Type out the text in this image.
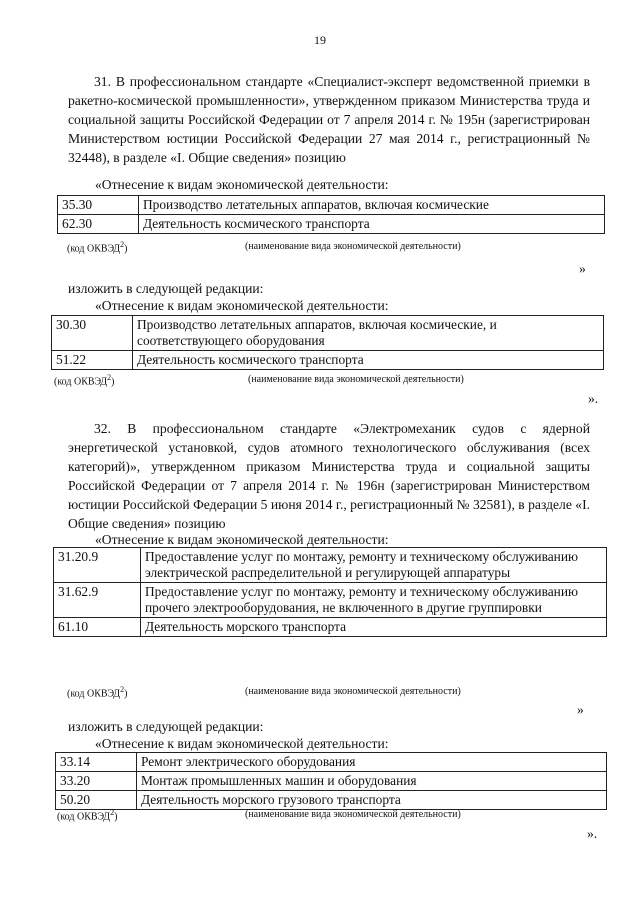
19

31. В профессиональном стандарте «Специалист-эксперт ведомственной приемки в ракетно-космической промышленности», утвержденном приказом Министерства труда и социальной защиты Российской Федерации от 7 апреля 2014 г. № 195н (зарегистрирован Министерством юстиции Российской Федерации 27 мая 2014 г., регистрационный № 32448), в разделе «I. Общие сведения» позицию

«Отнесение к видам экономической деятельности:
35.30	Производство летательных аппаратов, включая космические
62.30	Деятельность космического транспорта
(код ОКВЭД$^2$)	(наименование вида экономической деятельности)
»
изложить в следующей редакции:
«Отнесение к видам экономической деятельности:
30.30	Производство летательных аппаратов, включая космические, и соответствующего оборудования
51.22	Деятельность космического транспорта
(код ОКВЭД$^2$)	(наименование вида экономической деятельности)
».

32. В профессиональном стандарте «Электромеханик судов с ядерной энергетической установкой, судов атомного технологического обслуживания (всех категорий)», утвержденном приказом Министерства труда и социальной защиты Российской Федерации от 7 апреля 2014 г. № 196н (зарегистрирован Министерством юстиции Российской Федерации 5 июня 2014 г., регистрационный № 32581), в разделе «I. Общие сведения» позицию

«Отнесение к видам экономической деятельности:
31.20.9	Предоставление услуг по монтажу, ремонту и техническому обслуживанию электрической распределительной и регулирующей аппаратуры
31.62.9	Предоставление услуг по монтажу, ремонту и техническому обслуживанию прочего электрооборудования, не включенного в другие группировки
61.10	Деятельность морского транспорта
(код ОКВЭД$^2$)	(наименование вида экономической деятельности)
»
изложить в следующей редакции:
«Отнесение к видам экономической деятельности:
33.14	Ремонт электрического оборудования
33.20	Монтаж промышленных машин и оборудования
50.20	Деятельность морского грузового транспорта
(код ОКВЭД$^2$)	(наименование вида экономической деятельности)
».
